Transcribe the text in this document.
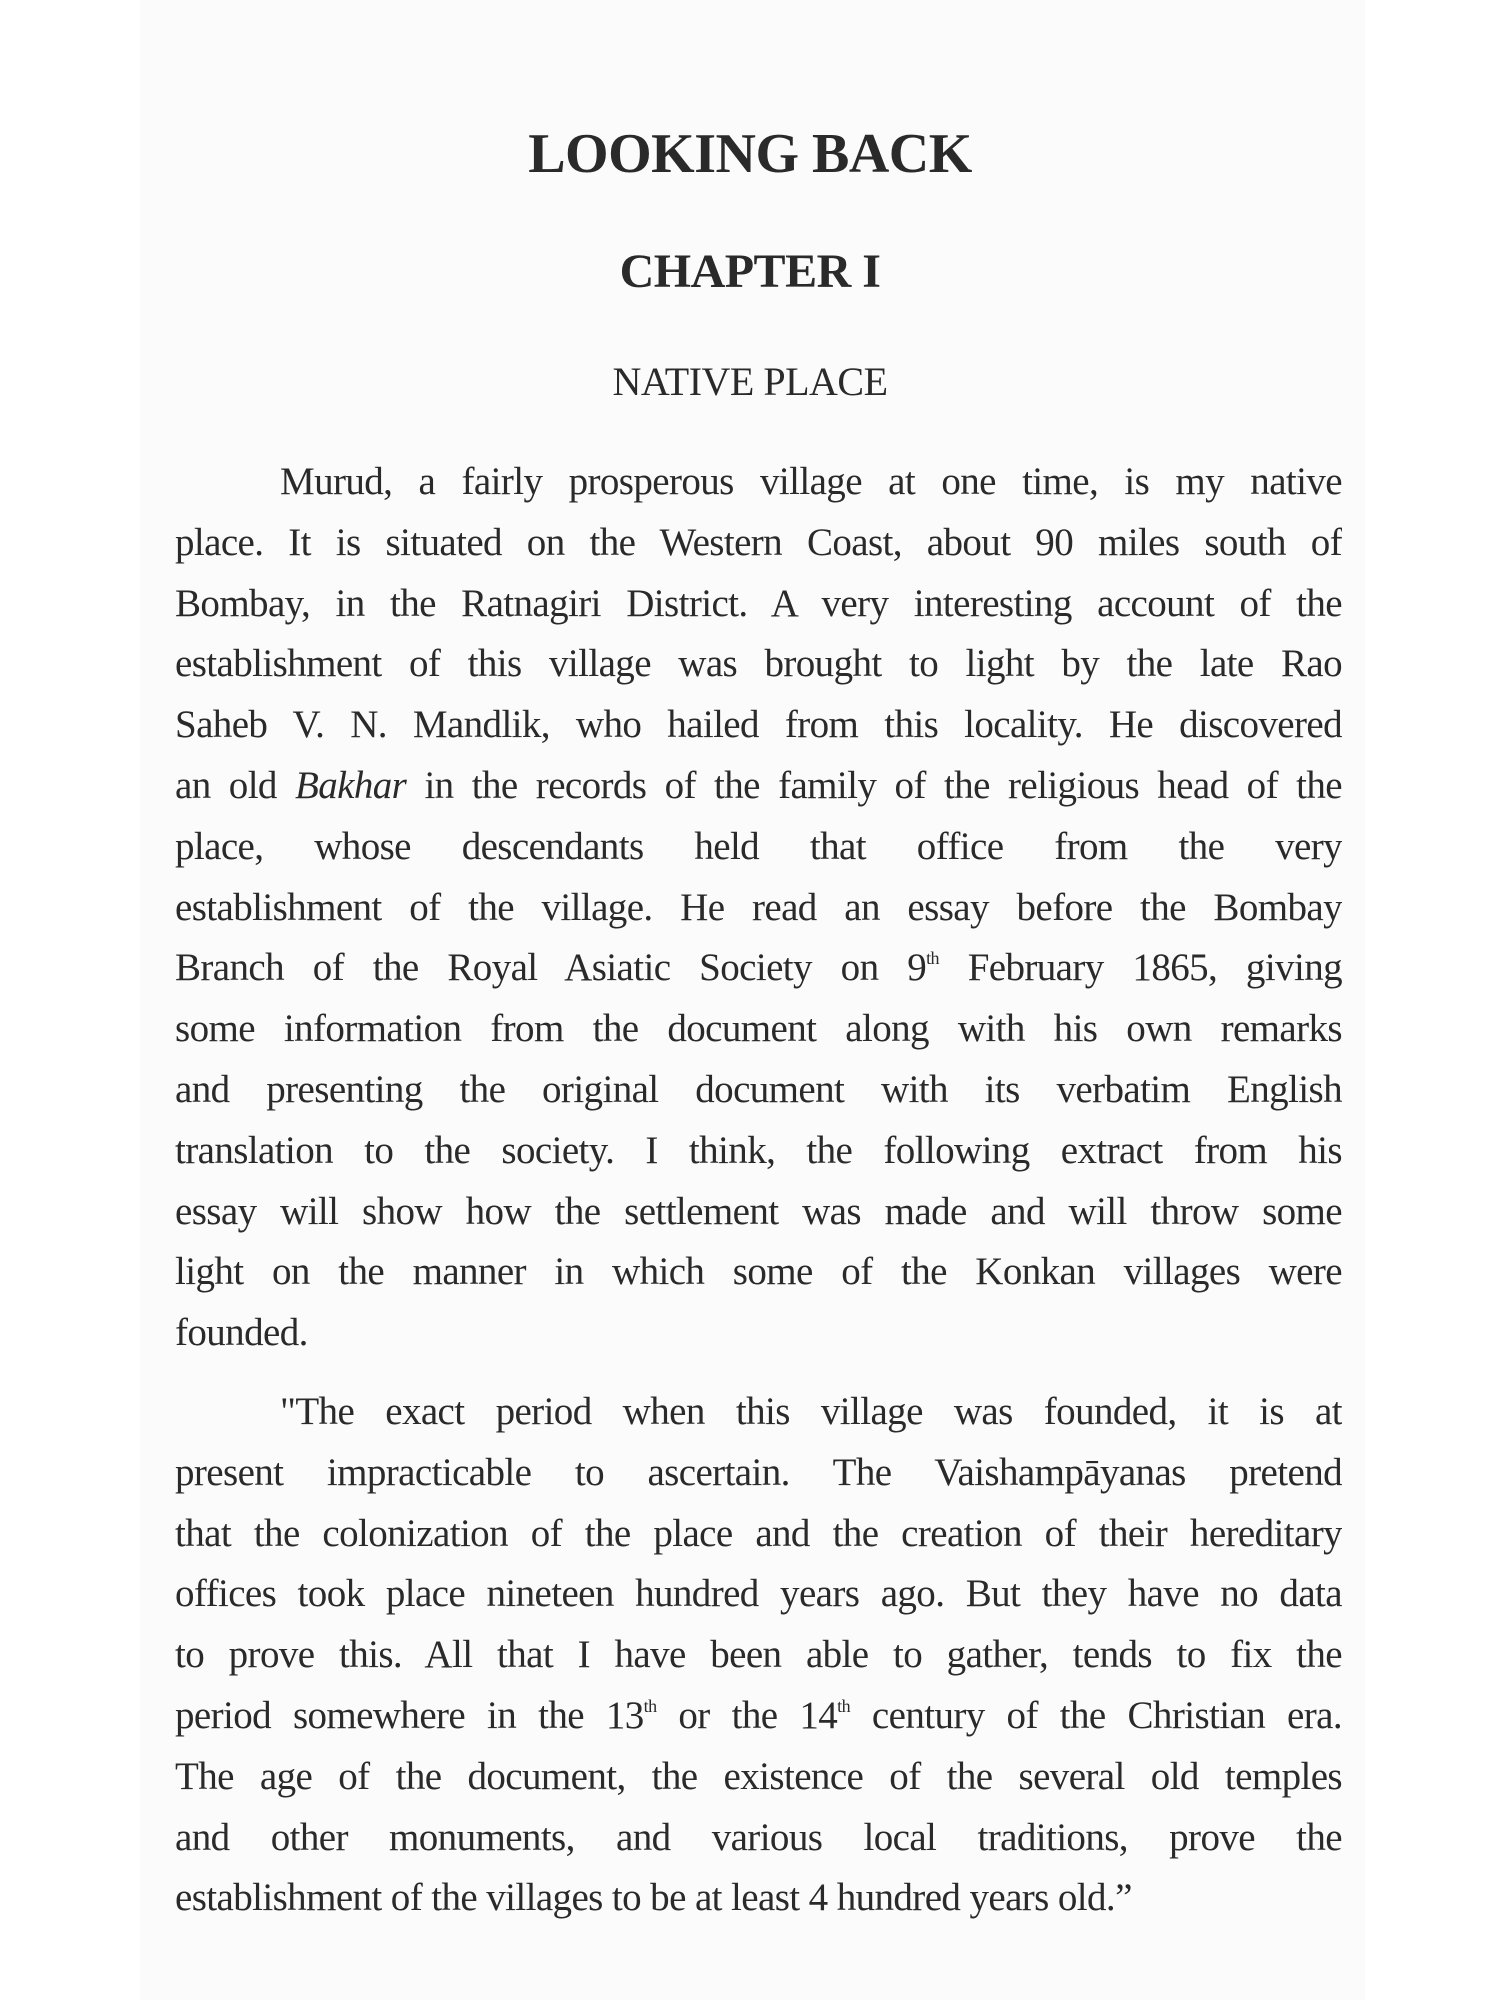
LOOKING BACK
CHAPTER I
NATIVE PLACE
Murud, a fairly prosperous village at one time, is my native
place. It is situated on the Western Coast, about 90 miles south of
Bombay, in the Ratnagiri District. A very interesting account of the
establishment of this village was brought to light by the late Rao
Saheb V. N. Mandlik, who hailed from this locality. He discovered
an old Bakhar in the records of the family of the religious head of the
place, whose descendants held that office from the very
establishment of the village. He read an essay before the Bombay
Branch of the Royal Asiatic Society on 9th February 1865, giving
some information from the document along with his own remarks
and presenting the original document with its verbatim English
translation to the society. I think, the following extract from his
essay will show how the settlement was made and will throw some
light on the manner in which some of the Konkan villages were
founded.
"The exact period when this village was founded, it is at
present impracticable to ascertain. The Vaishampāyanas pretend
that the colonization of the place and the creation of their hereditary
offices took place nineteen hundred years ago. But they have no data
to prove this. All that I have been able to gather, tends to fix the
period somewhere in the 13th or the 14th century of the Christian era.
The age of the document, the existence of the several old temples
and other monuments, and various local traditions, prove the
establishment of the villages to be at least 4 hundred years old.”
